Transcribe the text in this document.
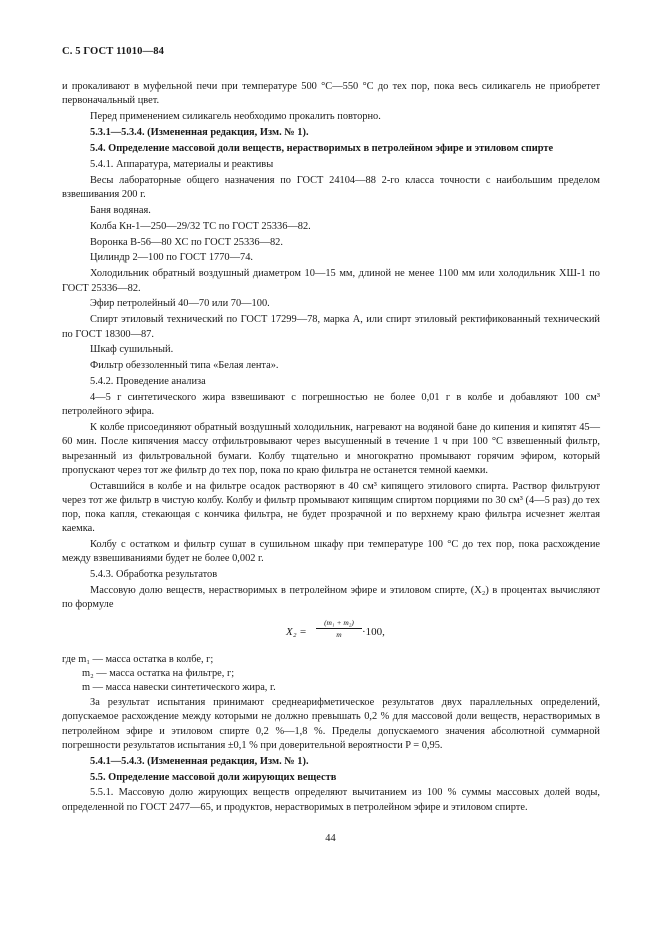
С. 5 ГОСТ 11010—84

и прокаливают в муфельной печи при температуре 500 °С—550 °С до тех пор, пока весь силикагель не приобретет первоначальный цвет.

Перед применением силикагель необходимо прокалить повторно.

5.3.1—5.3.4. (Измененная редакция, Изм. № 1).

5.4. Определение массовой доли веществ, нерастворимых в петролейном эфире и этиловом спирте

5.4.1. Аппаратура, материалы и реактивы

Весы лабораторные общего назначения по ГОСТ 24104—88 2-го класса точности с наибольшим пределом взвешивания 200 г.

Баня водяная.

Колба Кн-1—250—29/32 ТС по ГОСТ 25336—82.

Воронка В-56—80 ХС по ГОСТ 25336—82.

Цилиндр 2—100 по ГОСТ 1770—74.

Холодильник обратный воздушный диаметром 10—15 мм, длиной не менее 1100 мм или холодильник ХШ-1 по ГОСТ 25336—82.

Эфир петролейный 40—70 или 70—100.

Спирт этиловый технический по ГОСТ 17299—78, марка А, или спирт этиловый ректификованный технический по ГОСТ 18300—87.

Шкаф сушильный.

Фильтр обеззоленный типа «Белая лента».

5.4.2. Проведение анализа

4—5 г синтетического жира взвешивают с погрешностью не более 0,01 г в колбе и добавляют 100 см³ петролейного эфира.

К колбе присоединяют обратный воздушный холодильник, нагревают на водяной бане до кипения и кипятят 45—60 мин. После кипячения массу отфильтровывают через высушенный в течение 1 ч при 100 °С взвешенный фильтр, вырезанный из фильтровальной бумаги. Колбу тщательно и многократно промывают горячим эфиром, который пропускают через тот же фильтр до тех пор, пока по краю фильтра не останется темной каемки.

Оставшийся в колбе и на фильтре осадок растворяют в 40 см³ кипящего этилового спирта. Раствор фильтруют через тот же фильтр в чистую колбу. Колбу и фильтр промывают кипящим спиртом порциями по 30 см³ (4—5 раз) до тех пор, пока капля, стекающая с кончика фильтра, не будет прозрачной и по верхнему краю фильтра исчезнет желтая каемка.

Колбу с остатком и фильтр сушат в сушильном шкафу при температуре 100 °С до тех пор, пока расхождение между взвешиваниями будет не более 0,002 г.

5.4.3. Обработка результатов

Массовую долю веществ, нерастворимых в петролейном эфире и этиловом спирте, (X₂) в процентах вычисляют по формуле

$X_2 = \frac{\text{(m₁ + m₂)}}{m} \cdot 100$,

где m₁ — масса остатка в колбе, г;

m₂ — масса остатка на фильтре, г;

m — масса навески синтетического жира, г.

За результат испытания принимают среднеарифметическое результатов двух параллельных определений, допускаемое расхождение между которыми не должно превышать 0,2 % для массовой доли веществ, нерастворимых в петролейном эфире и этиловом спирте 0,2 %—1,8 %. Пределы допускаемого значения абсолютной суммарной погрешности результатов испытания ±0,1 % при доверительной вероятности P = 0,95.

5.4.1—5.4.3. (Измененная редакция, Изм. № 1).

5.5. Определение массовой доли жирующих веществ

5.5.1. Массовую долю жирующих веществ определяют вычитанием из 100 % суммы массовых долей воды, определенной по ГОСТ 2477—65, и продуктов, нерастворимых в петролейном эфире и этиловом спирте.

44
